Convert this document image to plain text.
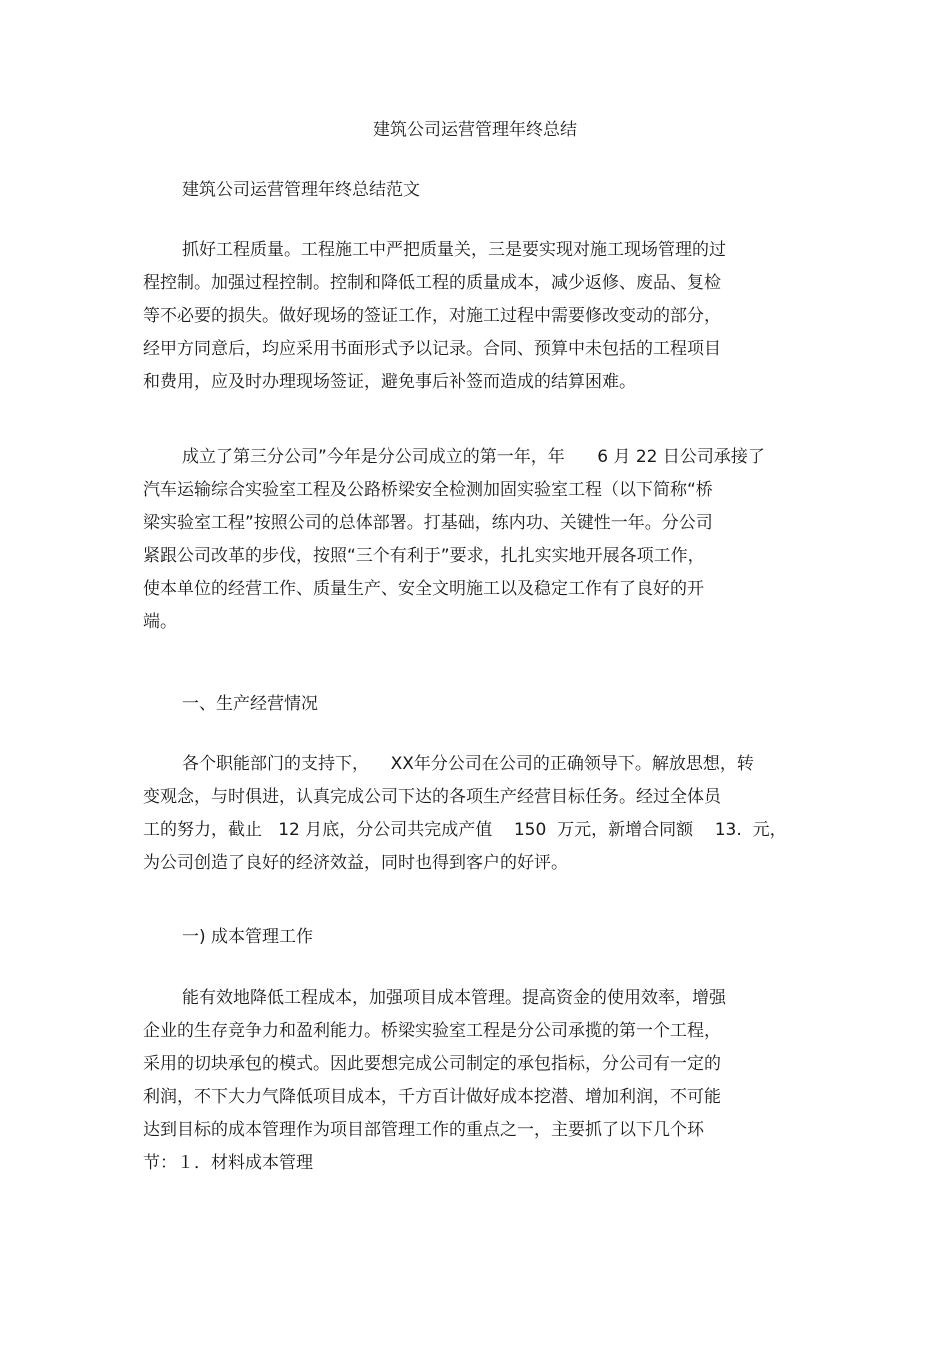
建筑公司运营管理年终总结
建筑公司运营管理年终总结范文
抓好工程质量。工程施工中严把质量关，三是要实现对施工现场管理的过
程控制。加强过程控制。控制和降低工程的质量成本，减少返修、废品、复检
等不必要的损失。做好现场的签证工作，对施工过程中需要修改变动的部分，
经甲方同意后，均应采用书面形式予以记录。合同、预算中未包括的工程项目
和费用，应及时办理现场签证，避免事后补签而造成的结算困难。
成立了第三分公司”今年是分公司成立的第一年，年      6 月 22 日公司承接了
汽车运输综合实验室工程及公路桥梁安全检测加固实验室工程（以下简称“桥
梁实验室工程”按照公司的总体部署。打基础，练内功、关键性一年。分公司
紧跟公司改革的步伐，按照“三个有利于”要求，扎扎实实地开展各项工作，
使本单位的经营工作、质量生产、安全文明施工以及稳定工作有了良好的开
端。
一、生产经营情况
各个职能部门的支持下，    XX年分公司在公司的正确领导下。解放思想，转
变观念，与时俱进，认真完成公司下达的各项生产经营目标任务。经过全体员
工的努力，截止   12 月底，分公司共完成产值    150  万元，新增合同额    13.  元，
为公司创造了良好的经济效益，同时也得到客户的好评。
一) 成本管理工作
能有效地降低工程成本，加强项目成本管理。提高资金的使用效率，增强
企业的生存竞争力和盈利能力。桥梁实验室工程是分公司承揽的第一个工程，
采用的切块承包的模式。因此要想完成公司制定的承包指标，分公司有一定的
利润，不下大力气降低项目成本，千方百计做好成本挖潜、增加利润，不可能
达到目标的成本管理作为项目部管理工作的重点之一，主要抓了以下几个环
节：１．材料成本管理
